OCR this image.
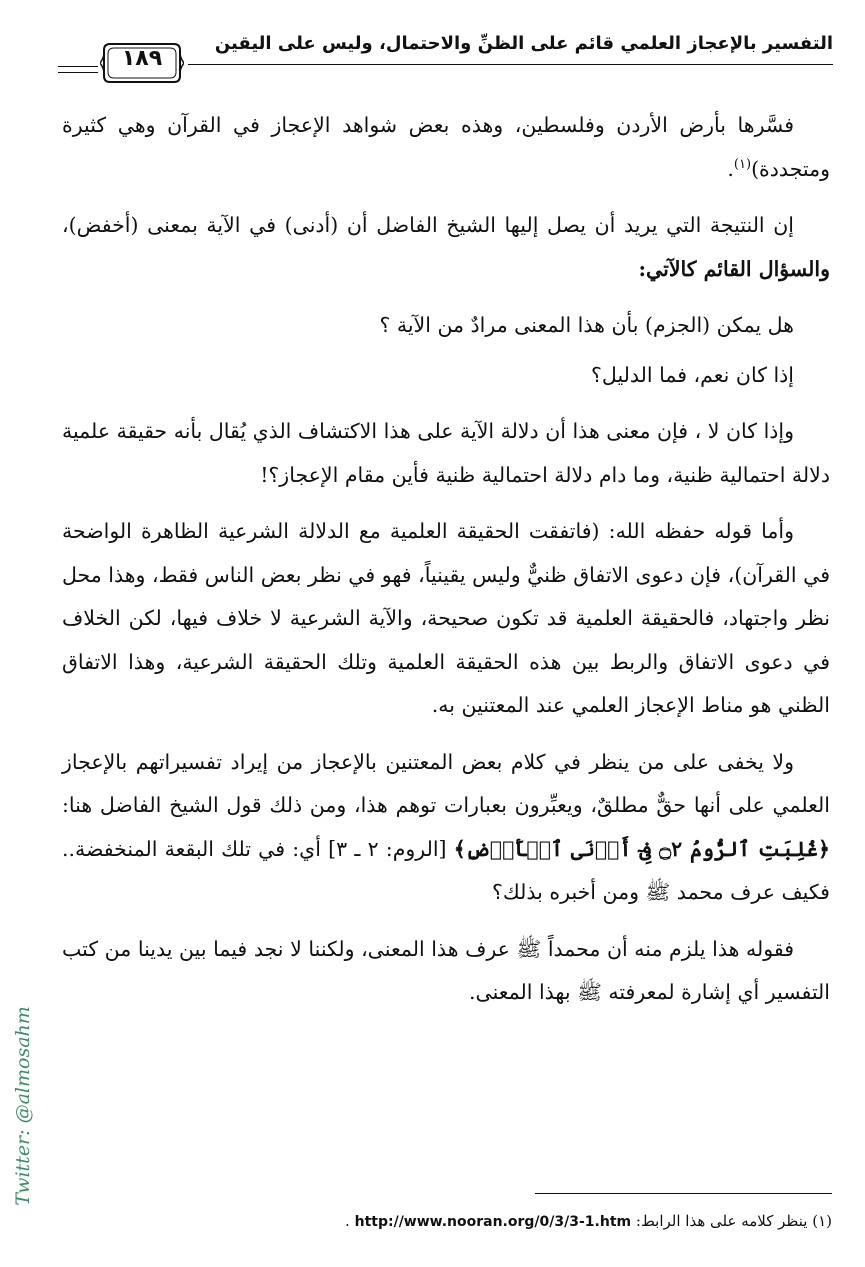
التفسير بالإعجاز العلمي قائم على الظنِّ والاحتمال، وليس على اليقين
١٨٩

فسَّرها بأرض الأردن وفلسطين، وهذه بعض شواهد الإعجاز في القرآن وهي كثيرة ومتجددة)$^{(١)}$.

إن النتيجة التي يريد أن يصل إليها الشيخ الفاضل أن (أدنى) في الآية بمعنى (أخفض)، والسؤال القائم كالآتي:

هل يمكن (الجزم) بأن هذا المعنى مرادٌ من الآية ؟

إذا كان نعم، فما الدليل؟

وإذا كان لا ، فإن معنى هذا أن دلالة الآية على هذا الاكتشاف الذي يُقال بأنه حقيقة علمية دلالة احتمالية ظنية، وما دام دلالة احتمالية ظنية فأين مقام الإعجاز؟!

وأما قوله حفظه الله: (فاتفقت الحقيقة العلمية مع الدلالة الشرعية الظاهرة الواضحة في القرآن)، فإن دعوى الاتفاق ظنيٌّ وليس يقينياً، فهو في نظر بعض الناس فقط، وهذا محل نظر واجتهاد، فالحقيقة العلمية قد تكون صحيحة، والآية الشرعية لا خلاف فيها، لكن الخلاف في دعوى الاتفاق والربط بين هذه الحقيقة العلمية وتلك الحقيقة الشرعية، وهذا الاتفاق الظني هو مناط الإعجاز العلمي عند المعتنين به.

ولا يخفى على من ينظر في كلام بعض المعتنين بالإعجاز من إيراد تفسيراتهم بالإعجاز العلمي على أنها حقٌّ مطلقٌ، ويعبِّرون بعبارات توهم هذا، ومن ذلك قول الشيخ الفاضل هنا: ﴿غُلِبَتِ ٱلرُّومُ ۝٢ فِىٓ أَدۡنَى ٱلۡأَرۡضِ﴾ [الروم: ٢ ـ ٣] أي: في تلك البقعة المنخفضة.. فكيف عرف محمد ﷺ ومن أخبره بذلك؟

فقوله هذا يلزم منه أن محمداً ﷺ عرف هذا المعنى، ولكننا لا نجد فيما بين يدينا من كتب التفسير أي إشارة لمعرفته ﷺ بهذا المعنى.

(١) ينظر كلامه على هذا الرابط: http://www.nooran.org/0/3/3-1.htm .
Twitter: @almosahm
